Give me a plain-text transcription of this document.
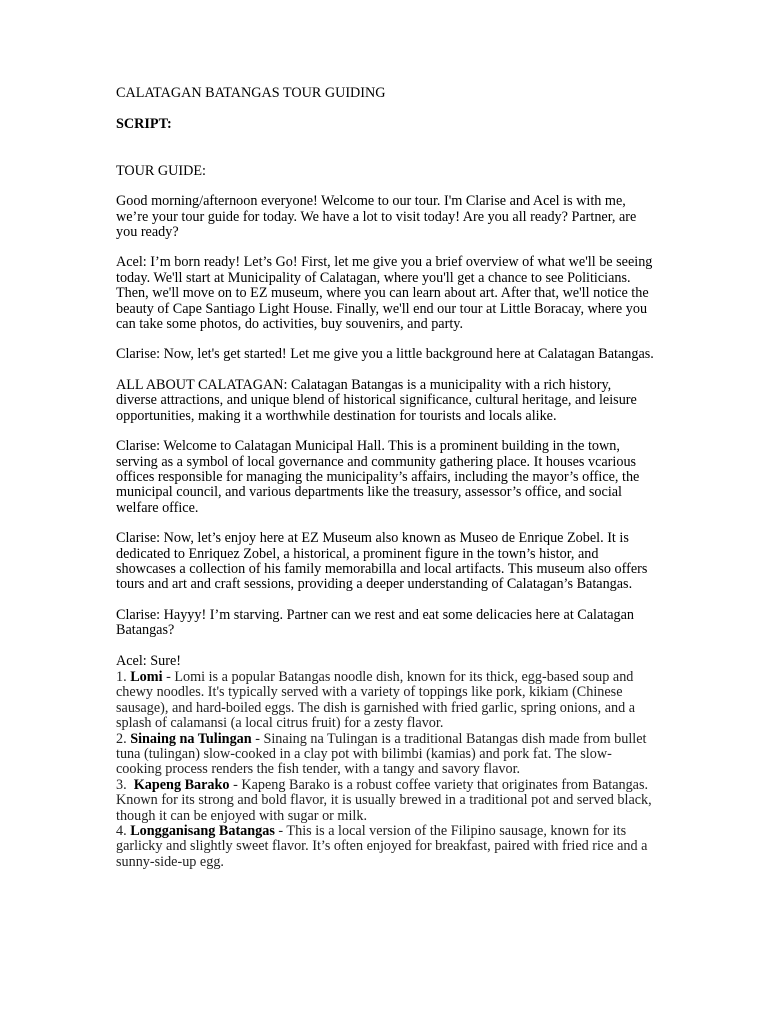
CALATAGAN BATANGAS TOUR GUIDING

SCRIPT:

TOUR GUIDE:

Good morning/afternoon everyone! Welcome to our tour. I'm Clarise and Acel is with me, we’re your tour guide for today. We have a lot to visit today! Are you all ready? Partner, are you ready?

Acel: I’m born ready! Let’s Go! First, let me give you a brief overview of what we'll be seeing today. We'll start at Municipality of Calatagan, where you'll get a chance to see Politicians. Then, we'll move on to EZ museum, where you can learn about art. After that, we'll notice the beauty of Cape Santiago Light House. Finally, we'll end our tour at Little Boracay, where you can take some photos, do activities, buy souvenirs, and party.

Clarise: Now, let's get started! Let me give you a little background here at Calatagan Batangas.

ALL ABOUT CALATAGAN: Calatagan Batangas is a municipality with a rich history, diverse attractions, and unique blend of historical significance, cultural heritage, and leisure opportunities, making it a worthwhile destination for tourists and locals alike.

Clarise: Welcome to Calatagan Municipal Hall. This is a prominent building in the town, serving as a symbol of local governance and community gathering place. It houses vcarious offices responsible for managing the municipality’s affairs, including the mayor’s office, the municipal council, and various departments like the treasury, assessor’s office, and social welfare office.

Clarise: Now, let’s enjoy here at EZ Museum also known as Museo de Enrique Zobel. It is dedicated to Enriquez Zobel, a historical, a prominent figure in the town’s histor, and showcases a collection of his family memorabilla and local artifacts. This museum also offers tours and art and craft sessions, providing a deeper understanding of Calatagan’s Batangas.

Clarise: Hayyy! I’m starving. Partner can we rest and eat some delicacies here at Calatagan Batangas?

Acel: Sure!

1. Lomi - Lomi is a popular Batangas noodle dish, known for its thick, egg-based soup and chewy noodles. It's typically served with a variety of toppings like pork, kikiam (Chinese sausage), and hard-boiled eggs. The dish is garnished with fried garlic, spring onions, and a splash of calamansi (a local citrus fruit) for a zesty flavor.
2. Sinaing na Tulingan - Sinaing na Tulingan is a traditional Batangas dish made from bullet tuna (tulingan) slow-cooked in a clay pot with bilimbi (kamias) and pork fat. The slow-cooking process renders the fish tender, with a tangy and savory flavor.
3. Kapeng Barako - Kapeng Barako is a robust coffee variety that originates from Batangas. Known for its strong and bold flavor, it is usually brewed in a traditional pot and served black, though it can be enjoyed with sugar or milk.
4. Longganisang Batangas - This is a local version of the Filipino sausage, known for its garlicky and slightly sweet flavor. It’s often enjoyed for breakfast, paired with fried rice and a sunny-side-up egg.
